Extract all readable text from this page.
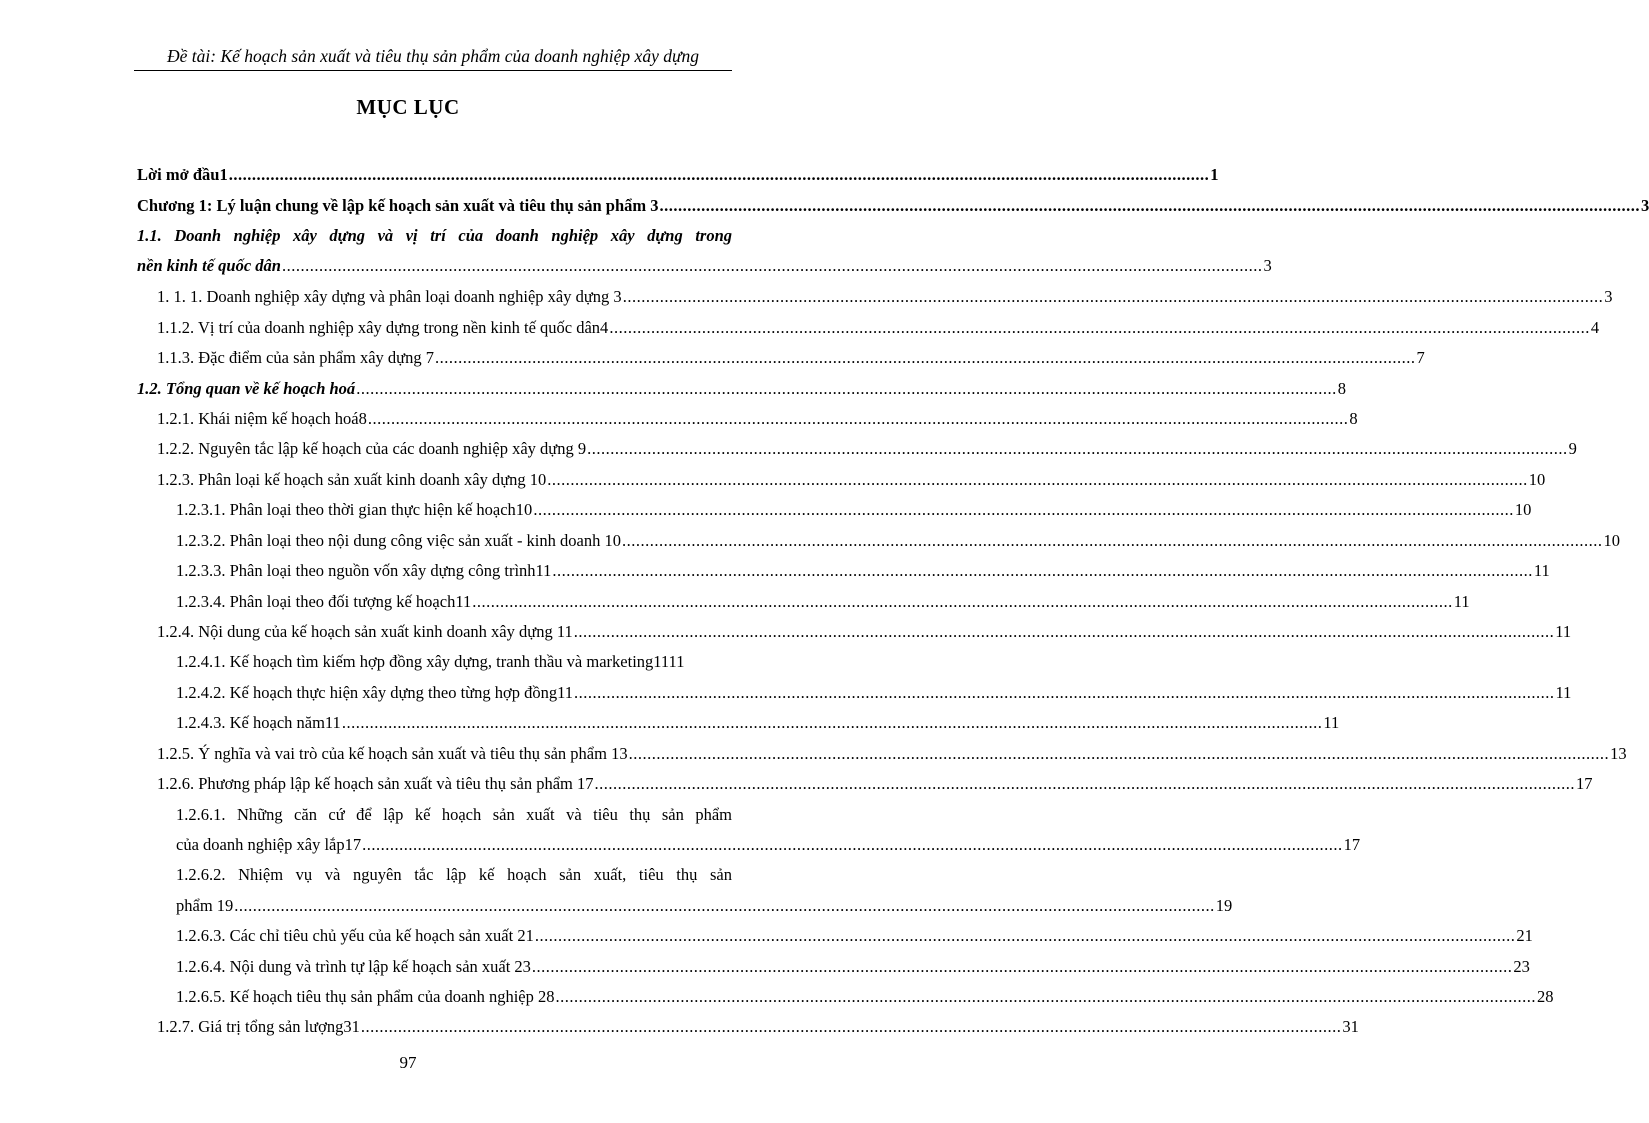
Đề tài: Kế hoạch sản xuất và tiêu thụ sản phẩm của doanh nghiệp xây dựng
MỤC LỤC
Lời mở đầu1 .................................................................................................................................................................................................................... 1
Chương 1: Lý luận chung về lập kế hoạch sản xuất và tiêu thụ sản phẩm 3 .................................................................................................................................................................................................................... 3
1.1. Doanh nghiệp xây dựng và vị trí của doanh nghiệp xây dựng trong
nền kinh tế quốc dân .................................................................................................................................................................................................................... 3
1. 1. 1. Doanh nghiệp xây dựng và phân loại doanh nghiệp xây dựng 3 .................................................................................................................................................................................................................... 3
1.1.2. Vị trí của doanh nghiệp xây dựng trong nền kinh tế quốc dân4 .................................................................................................................................................................................................................... 4
1.1.3. Đặc điểm của sản phẩm xây dựng 7 .................................................................................................................................................................................................................... 7
1.2. Tổng quan về kế hoạch hoá .................................................................................................................................................................................................................... 8
1.2.1. Khái niệm kế hoạch hoá8 .................................................................................................................................................................................................................... 8
1.2.2. Nguyên tắc lập kế hoạch của các doanh nghiệp xây dựng 9 .................................................................................................................................................................................................................... 9
1.2.3. Phân loại kế hoạch sản xuất kinh doanh xây dựng 10 .................................................................................................................................................................................................................... 10
1.2.3.1. Phân loại theo thời gian thực hiện kế hoạch10 .................................................................................................................................................................................................................... 10
1.2.3.2. Phân loại theo nội dung công việc sản xuất - kinh doanh 10 .................................................................................................................................................................................................................... 10
1.2.3.3. Phân loại theo nguồn vốn xây dựng công trình11 .................................................................................................................................................................................................................... 11
1.2.3.4. Phân loại theo đối tượng kế hoạch11 .................................................................................................................................................................................................................... 11
1.2.4. Nội dung của kế hoạch sản xuất kinh doanh xây dựng 11 .................................................................................................................................................................................................................... 11
1.2.4.1. Kế hoạch tìm kiếm hợp đồng xây dựng, tranh thầu và marketing1111
1.2.4.2. Kế hoạch thực hiện xây dựng theo từng hợp đồng11 .................................................................................................................................................................................................................... 11
1.2.4.3. Kế hoạch năm11 .................................................................................................................................................................................................................... 11
1.2.5. Ý nghĩa và vai trò của kế hoạch sản xuất và tiêu thụ sản phẩm 13 .................................................................................................................................................................................................................... 13
1.2.6. Phương pháp lập kế hoạch sản xuất và tiêu thụ sản phẩm 17 .................................................................................................................................................................................................................... 17
1.2.6.1. Những căn cứ để lập kế hoạch sản xuất và tiêu thụ sản phẩm
của doanh nghiệp xây lắp17 .................................................................................................................................................................................................................... 17
1.2.6.2. Nhiệm vụ và nguyên tắc lập kế hoạch sản xuất, tiêu thụ sản
phẩm 19 .................................................................................................................................................................................................................... 19
1.2.6.3. Các chỉ tiêu chủ yếu của kế hoạch sản xuất 21 .................................................................................................................................................................................................................... 21
1.2.6.4. Nội dung và trình tự lập kế hoạch sản xuất 23 .................................................................................................................................................................................................................... 23
1.2.6.5. Kế hoạch tiêu thụ sản phẩm của doanh nghiệp 28 .................................................................................................................................................................................................................... 28
1.2.7. Giá trị tổng sản lượng31 .................................................................................................................................................................................................................... 31
97
